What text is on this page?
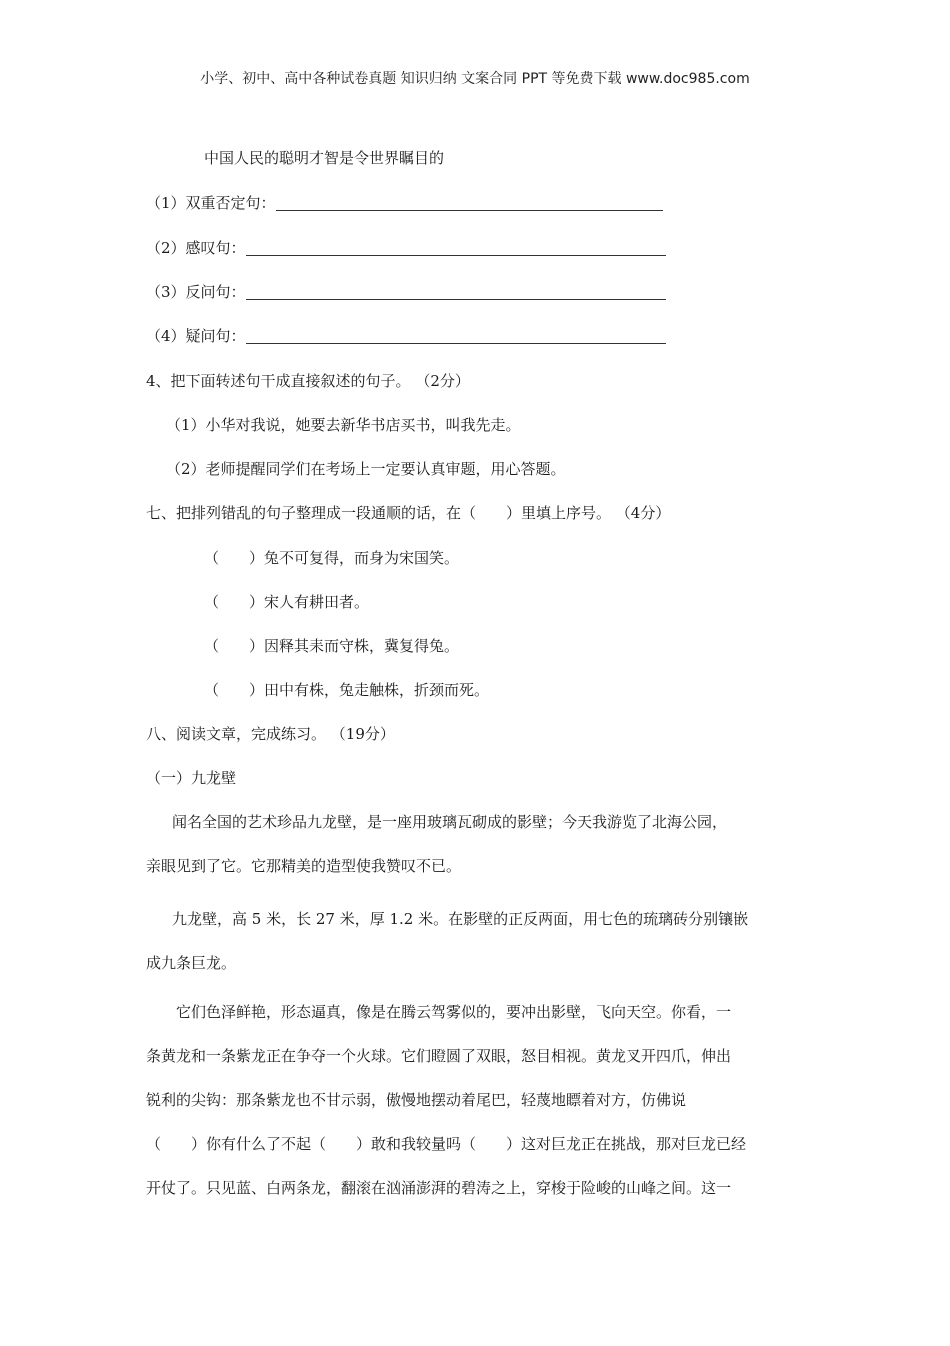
小学、初中、高中各种试卷真题 知识归纳 文案合同 PPT 等免费下载 www.doc985.com
中国人民的聪明才智是令世界瞩目的
（1）双重否定句：
（2）感叹句：
（3）反问句：
（4）疑问句：
4、把下面转述句干成直接叙述的句子。 （2分）
（1）小华对我说，她要去新华书店买书，叫我先走。
（2）老师提醒同学们在考场上一定要认真审题，用心答题。
七、把排列错乱的句子整理成一段通顺的话，在（　　）里填上序号。 （4分）
（　　）兔不可复得，而身为宋国笑。
（　　）宋人有耕田者。
（　　）因释其耒而守株，冀复得兔。
（　　）田中有株，兔走触株，折颈而死。
八、阅读文章，完成练习。 （19分）
（一）九龙壁
闻名全国的艺术珍品九龙壁，是一座用玻璃瓦砌成的影壁；今天我游览了北海公园，
亲眼见到了它。它那精美的造型使我赞叹不已。
九龙壁，高 5 米，长 27 米，厚 1.2 米。在影壁的正反两面，用七色的琉璃砖分别镶嵌
成九条巨龙。
它们色泽鲜艳，形态逼真，像是在腾云驾雾似的，要冲出影壁，飞向天空。你看，一
条黄龙和一条紫龙正在争夺一个火球。它们瞪圆了双眼，怒目相视。黄龙叉开四爪，伸出
锐利的尖钩：那条紫龙也不甘示弱，傲慢地摆动着尾巴，轻蔑地瞟着对方，仿佛说
（　　）你有什么了不起（　　）敢和我较量吗（　　）这对巨龙正在挑战，那对巨龙已经
开仗了。只见蓝、白两条龙，翻滚在汹涌澎湃的碧涛之上，穿梭于险峻的山峰之间。这一
